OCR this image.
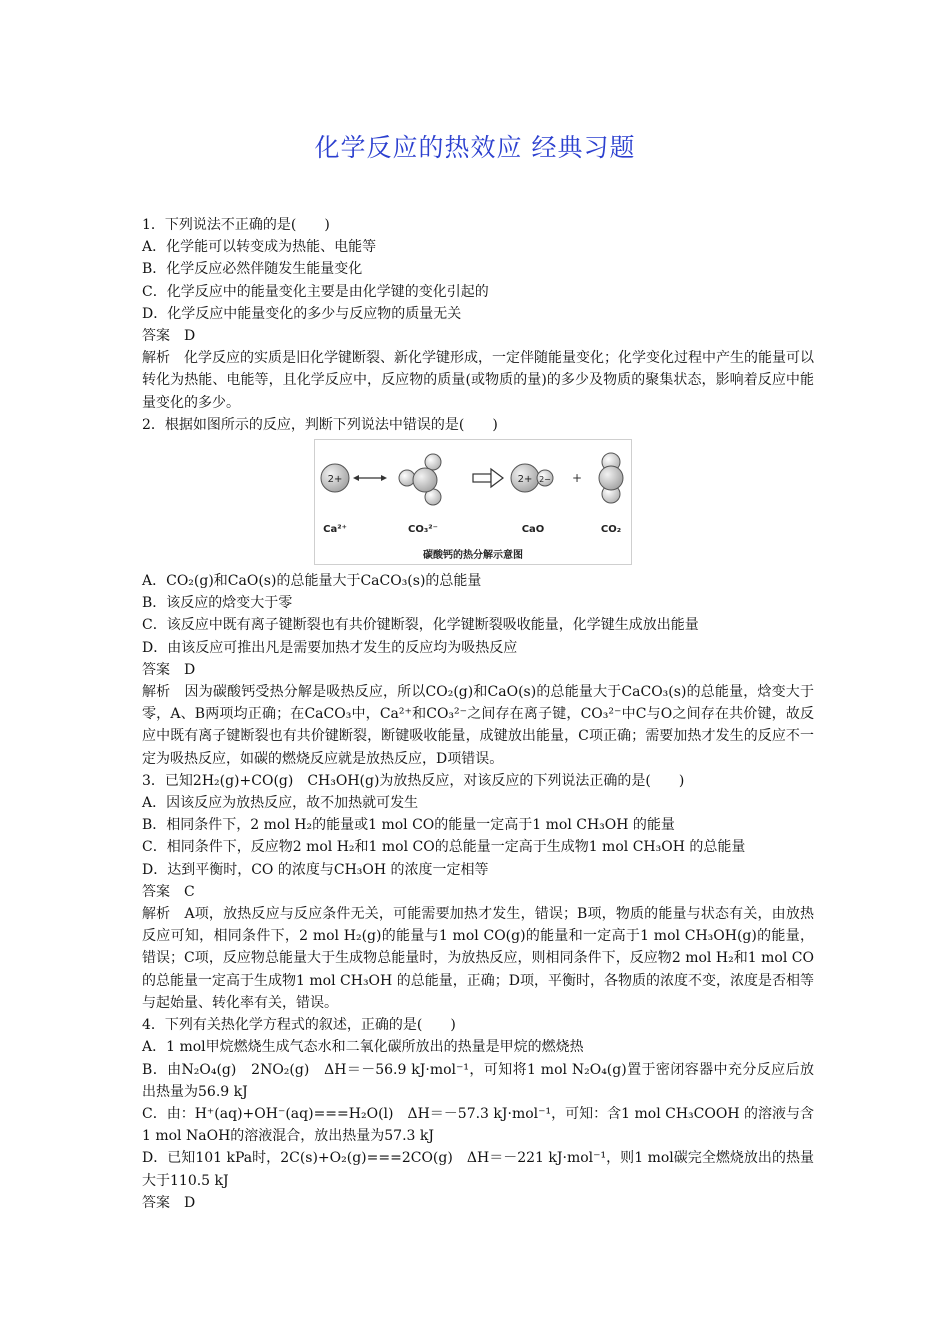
化学反应的热效应 经典习题

1．下列说法不正确的是(　　)

A．化学能可以转变成为热能、电能等

B．化学反应必然伴随发生能量变化

C．化学反应中的能量变化主要是由化学键的变化引起的

D．化学反应中能量变化的多少与反应物的质量无关

答案　D

解析　化学反应的实质是旧化学键断裂、新化学键形成，一定伴随能量变化；化学变化过程中产生的能量可以转化为热能、电能等，且化学反应中，反应物的质量(或物质的量)的多少及物质的聚集状态，影响着反应中能量变化的多少。

2．根据如图所示的反应，判断下列说法中错误的是(　　)

2+	2+ 2− +
Ca²⁺	CO₃²⁻	CaO	CO₂
碳酸钙的热分解示意图

A．CO₂(g)和CaO(s)的总能量大于CaCO₃(s)的总能量

B．该反应的焓变大于零

C．该反应中既有离子键断裂也有共价键断裂，化学键断裂吸收能量，化学键生成放出能量

D．由该反应可推出凡是需要加热才发生的反应均为吸热反应

答案　D

解析　因为碳酸钙受热分解是吸热反应，所以CO₂(g)和CaO(s)的总能量大于CaCO₃(s)的总能量，焓变大于零，A、B两项均正确；在CaCO₃中，Ca²⁺和CO₃²⁻之间存在离子键，CO₃²⁻中C与O之间存在共价键，故反应中既有离子键断裂也有共价键断裂，断键吸收能量，成键放出能量，C项正确；需要加热才发生的反应不一定为吸热反应，如碳的燃烧反应就是放热反应，D项错误。

3．已知2H₂(g)+CO(g)　CH₃OH(g)为放热反应，对该反应的下列说法正确的是(　　)

A．因该反应为放热反应，故不加热就可发生

B．相同条件下，2 mol H₂的能量或1 mol CO的能量一定高于1 mol CH₃OH 的能量

C．相同条件下，反应物2 mol H₂和1 mol CO的总能量一定高于生成物1 mol CH₃OH 的总能量

D．达到平衡时，CO 的浓度与CH₃OH 的浓度一定相等

答案　C

解析　A项，放热反应与反应条件无关，可能需要加热才发生，错误；B项，物质的能量与状态有关，由放热反应可知，相同条件下，2 mol H₂(g)的能量与1 mol CO(g)的能量和一定高于1 mol CH₃OH(g)的能量，错误；C项，反应物总能量大于生成物总能量时，为放热反应，则相同条件下，反应物2 mol H₂和1 mol CO的总能量一定高于生成物1 mol CH₃OH 的总能量，正确；D项，平衡时，各物质的浓度不变，浓度是否相等与起始量、转化率有关，错误。

4．下列有关热化学方程式的叙述，正确的是(　　)

A．1 mol甲烷燃烧生成气态水和二氧化碳所放出的热量是甲烷的燃烧热

B．由N₂O₄(g)　2NO₂(g)　ΔH＝－56.9 kJ·mol⁻¹，可知将1 mol N₂O₄(g)置于密闭容器中充分反应后放出热量为56.9 kJ

C．由：H⁺(aq)+OH⁻(aq)===H₂O(l)　ΔH＝－57.3 kJ·mol⁻¹，可知：含1 mol CH₃COOH 的溶液与含1 mol NaOH的溶液混合，放出热量为57.3 kJ

D．已知101 kPa时，2C(s)+O₂(g)===2CO(g)　ΔH＝－221 kJ·mol⁻¹，则1 mol碳完全燃烧放出的热量大于110.5 kJ

答案　D
